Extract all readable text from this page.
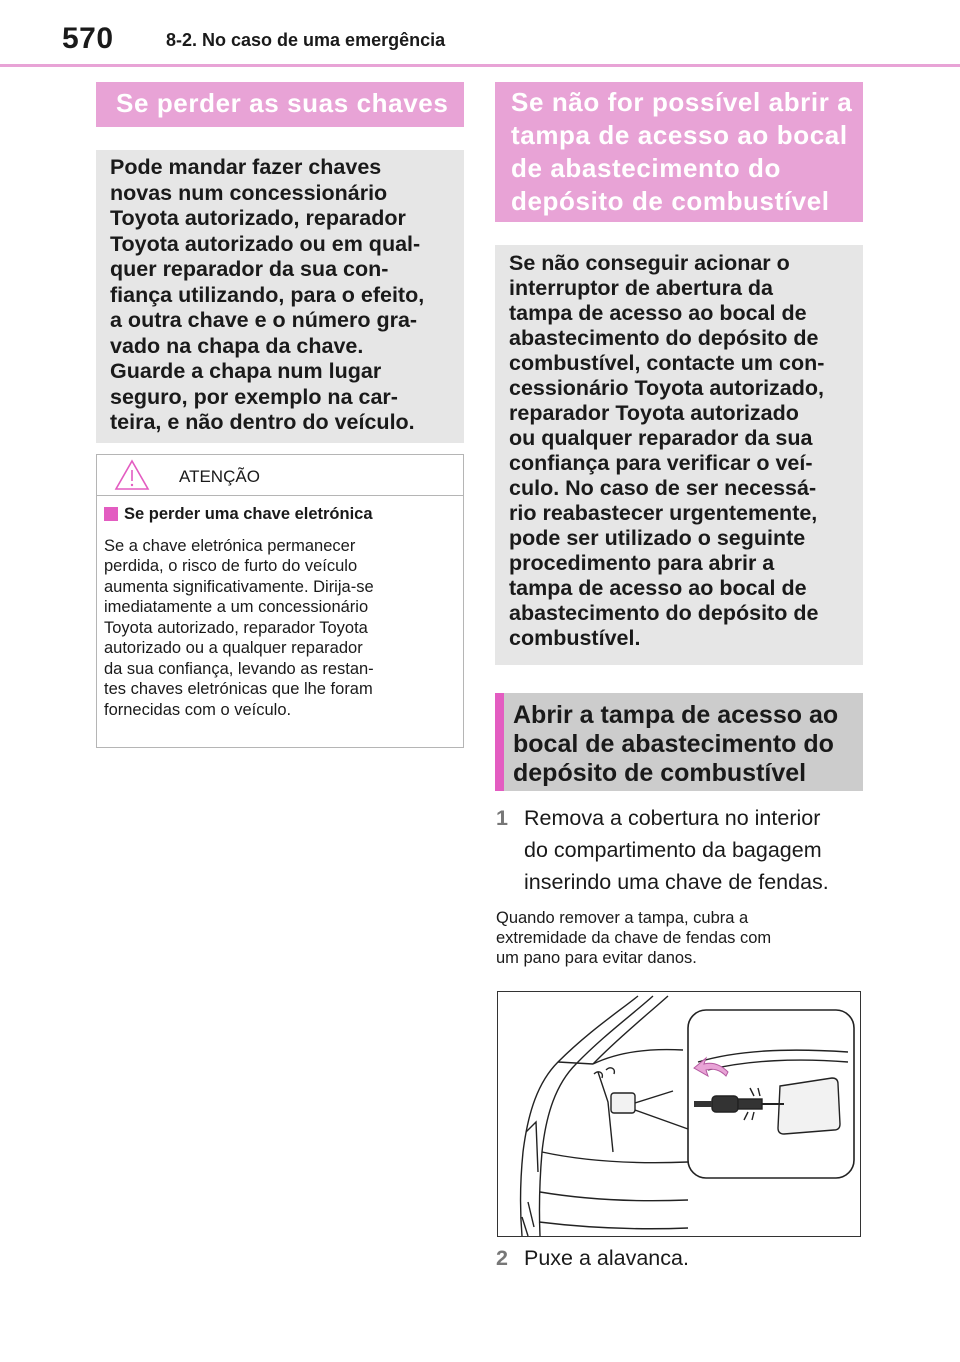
570	8-2. No caso de uma emergência
Se perder as suas chaves
Pode mandar fazer chaves
novas num concessionário
Toyota autorizado, reparador
Toyota autorizado ou em qual-
quer reparador da sua con-
fiança utilizando, para o efeito,
a outra chave e o número gra-
vado na chapa da chave.
Guarde a chapa num lugar
seguro, por exemplo na car-
teira, e não dentro do veículo.
ATENÇÃO
Se perder uma chave eletrónica
Se a chave eletrónica permanecer
perdida, o risco de furto do veículo
aumenta significativamente. Dirija-se
imediatamente a um concessionário
Toyota autorizado, reparador Toyota
autorizado ou a qualquer reparador
da sua confiança, levando as restan-
tes chaves eletrónicas que lhe foram
fornecidas com o veículo.
Se não for possível abrir a
tampa de acesso ao bocal
de abastecimento do
depósito de combustível
Se não conseguir acionar o
interruptor de abertura da
tampa de acesso ao bocal de
abastecimento do depósito de
combustível, contacte um con-
cessionário Toyota autorizado,
reparador Toyota autorizado
ou qualquer reparador da sua
confiança para verificar o veí-
culo. No caso de ser necessá-
rio reabastecer urgentemente,
pode ser utilizado o seguinte
procedimento para abrir a
tampa de acesso ao bocal de
abastecimento do depósito de
combustível.
Abrir a tampa de acesso ao
bocal de abastecimento do
depósito de combustível
1 Remova a cobertura no interior
do compartimento da bagagem
inserindo uma chave de fendas.
Quando remover a tampa, cubra a
extremidade da chave de fendas com
um pano para evitar danos.
2 Puxe a alavanca.
